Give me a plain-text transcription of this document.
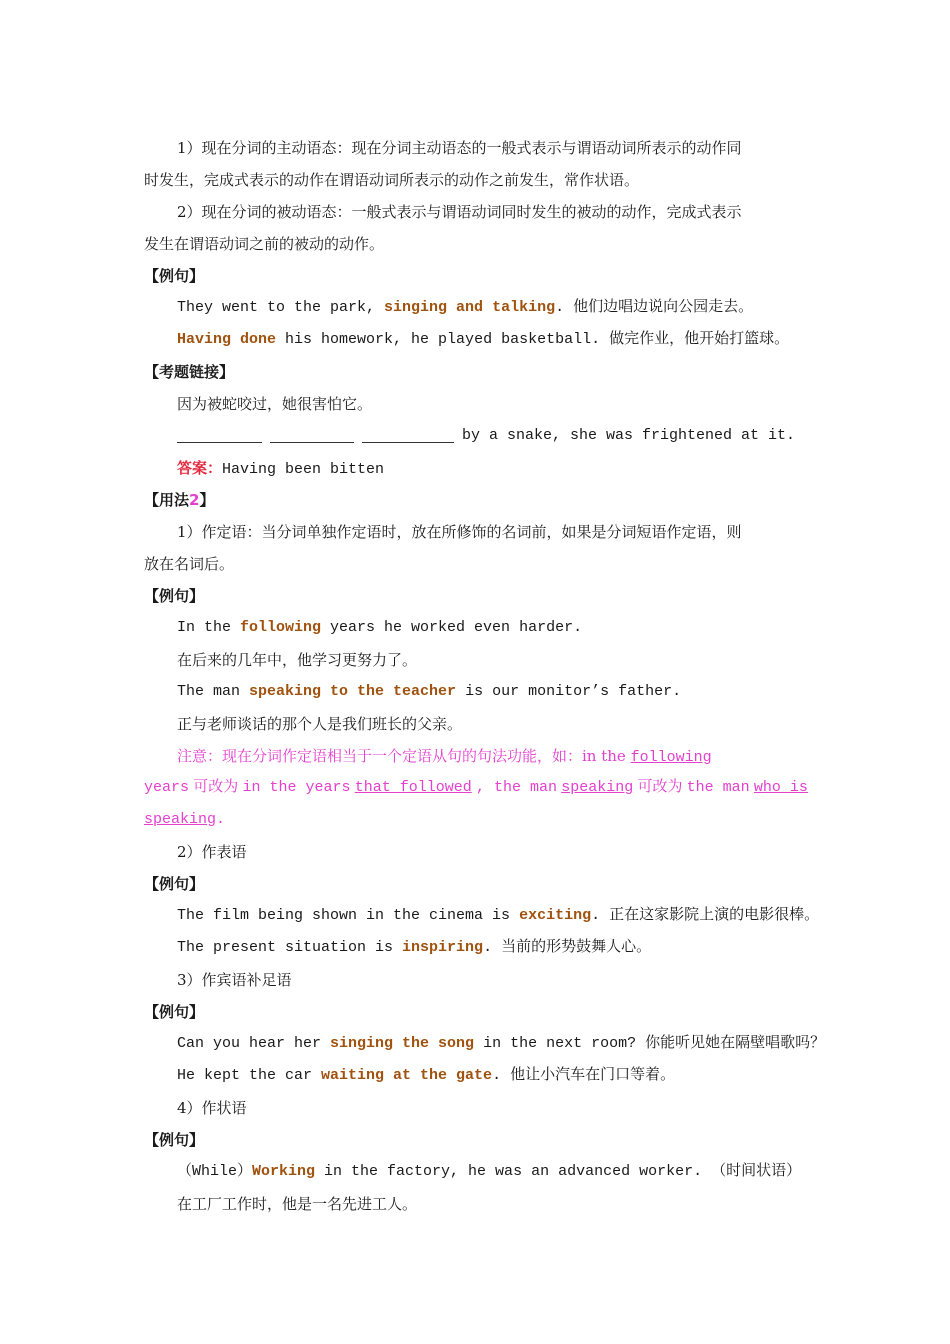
1）现在分词的主动语态：现在分词主动语态的一般式表示与谓语动词所表示的动作同
时发生，完成式表示的动作在谓语动词所表示的动作之前发生，常作状语。
2）现在分词的被动语态：一般式表示与谓语动词同时发生的被动的动作，完成式表示
发生在谓语动词之前的被动的动作。
【例句】
They went to the park, singing and talking. 他们边唱边说向公园走去。
Having done his homework, he played basketball. 做完作业，他开始打篮球。
【考题链接】
因为被蛇咬过，她很害怕它。
by a snake, she was frightened at it.
答案：Having been bitten
【用法2】
1）作定语：当分词单独作定语时，放在所修饰的名词前，如果是分词短语作定语，则
放在名词后。
【例句】
In the following years he worked even harder.
在后来的几年中，他学习更努力了。
The man speaking to the teacher is our monitor’s father.
正与老师谈话的那个人是我们班长的父亲。
注意：现在分词作定语相当于一个定语从句的句法功能，如：in the following
years 可改为 in the years that followed , the man speaking 可改为 the man who is
speaking.
2）作表语
【例句】
The film being shown in the cinema is exciting. 正在这家影院上演的电影很棒。
The present situation is inspiring. 当前的形势鼓舞人心。
3）作宾语补足语
【例句】
Can you hear her singing the song in the next room? 你能听见她在隔壁唱歌吗？
He kept the car waiting at the gate. 他让小汽车在门口等着。
4）作状语
【例句】
（While）Working in the factory, he was an advanced worker. （时间状语）
在工厂工作时，他是一名先进工人。
